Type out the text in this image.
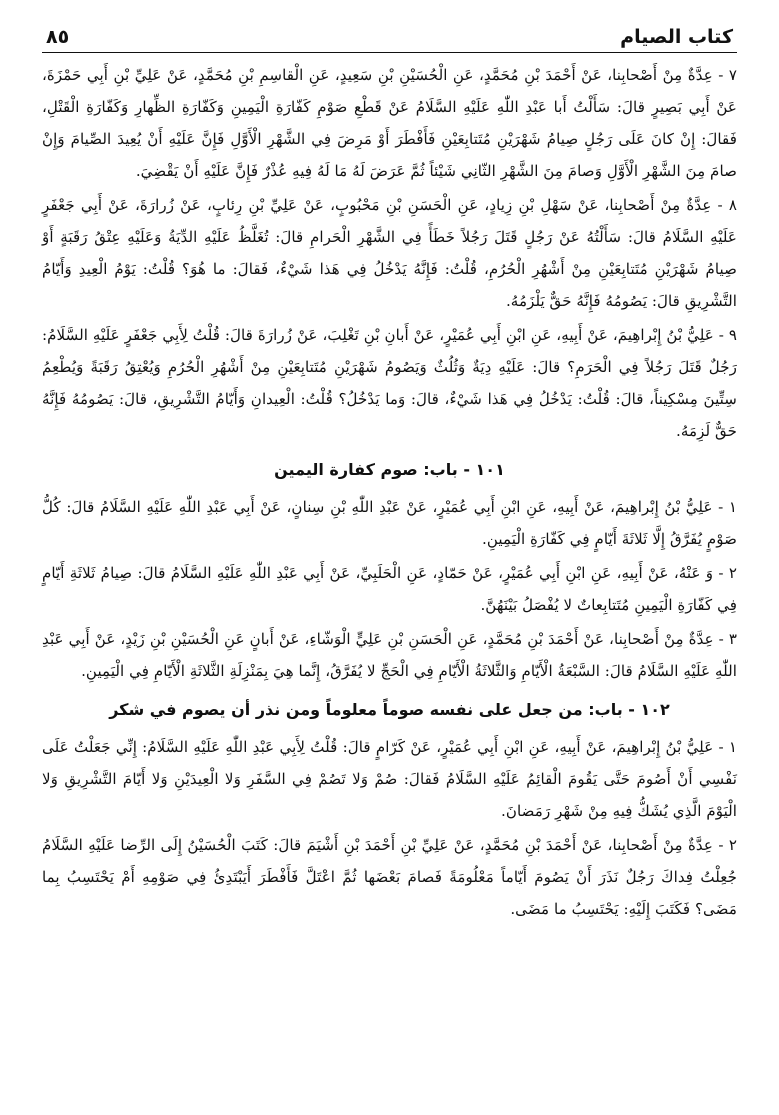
٨٥	كتاب الصيام

٧ - عِدَّةٌ مِنْ أَصْحابِنا، عَنْ أَحْمَدَ بْنِ مُحَمَّدٍ، عَنِ الْحُسَيْنِ بْنِ سَعِيدٍ، عَنِ الْقاسِمِ بْنِ مُحَمَّدٍ، عَنْ عَلِيِّ بْنِ أَبِي حَمْزَةَ، عَنْ أَبِي بَصِيرٍ قالَ: سَأَلْتُ أَبا عَبْدِ اللّٰهِ عَلَيْهِ السَّلَامُ عَنْ قَطْعِ صَوْمِ كَفّارَةِ الْيَمِينِ وَكَفّارَةِ الظِّهارِ وَكَفّارَةِ الْقَتْلِ، فَقالَ: إِنْ كانَ عَلَى رَجُلٍ صِيامُ شَهْرَيْنِ مُتَتابِعَيْنِ فَأَفْطَرَ أَوْ مَرِضَ فِي الشَّهْرِ الْأَوَّلِ فَإِنَّ عَلَيْهِ أَنْ يُعِيدَ الصِّيامَ وَإِنْ صامَ مِنَ الشَّهْرِ الْأَوَّلِ وَصامَ مِنَ الشَّهْرِ الثّانِي شَيْئاً ثُمَّ عَرَضَ لَهُ مَا لَهُ فِيهِ عُذْرٌ فَإِنَّ عَلَيْهِ أَنْ يَقْضِيَ.

٨ - عِدَّةٌ مِنْ أَصْحابِنا، عَنْ سَهْلِ بْنِ زِيادٍ، عَنِ الْحَسَنِ بْنِ مَحْبُوبٍ، عَنْ عَلِيِّ بْنِ رِئابٍ، عَنْ زُرارَةَ، عَنْ أَبِي جَعْفَرٍ عَلَيْهِ السَّلَامُ قالَ: سَأَلْتُهُ عَنْ رَجُلٍ قَتَلَ رَجُلاً خَطَأً فِي الشَّهْرِ الْحَرامِ قالَ: تُغَلَّظُ عَلَيْهِ الدِّيَةُ وَعَلَيْهِ عِتْقُ رَقَبَةٍ أَوْ صِيامُ شَهْرَيْنِ مُتَتابِعَيْنِ مِنْ أَشْهُرِ الْحُرُمِ، قُلْتُ: فَإِنَّهُ يَدْخُلُ فِي هَذا شَيْءٌ، فَقالَ: ما هُوَ؟ قُلْتُ: يَوْمُ الْعِيدِ وَأَيّامُ التَّشْرِيقِ قالَ: يَصُومُهُ فَإِنَّهُ حَقٌّ يَلْزَمُهُ.

٩ - عَلِيُّ بْنُ إِبْراهِيمَ، عَنْ أَبِيهِ، عَنِ ابْنِ أَبِي عُمَيْرٍ، عَنْ أَبانِ بْنِ تَغْلِبَ، عَنْ زُرارَةَ قالَ: قُلْتُ لِأَبِي جَعْفَرٍ عَلَيْهِ السَّلَامُ: رَجُلٌ قَتَلَ رَجُلاً فِي الْحَرَمِ؟ قالَ: عَلَيْهِ دِيَةٌ وَثُلُثٌ وَيَصُومُ شَهْرَيْنِ مُتَتابِعَيْنِ مِنْ أَشْهُرِ الْحُرُمِ وَيُعْتِقُ رَقَبَةً وَيُطْعِمُ سِتِّينَ مِسْكِيناً، قالَ: قُلْتُ: يَدْخُلُ فِي هَذا شَيْءٌ، قالَ: وَما يَدْخُلُ؟ قُلْتُ: الْعِيدانِ وَأَيّامُ التَّشْرِيقِ، قالَ: يَصُومُهُ فَإِنَّهُ حَقٌّ لَزِمَهُ.

١٠١ - باب: صوم كفارة اليمين

١ - عَلِيُّ بْنُ إِبْراهِيمَ، عَنْ أَبِيهِ، عَنِ ابْنِ أَبِي عُمَيْرٍ، عَنْ عَبْدِ اللّٰهِ بْنِ سِنانٍ، عَنْ أَبِي عَبْدِ اللّٰهِ عَلَيْهِ السَّلَامُ قالَ: كُلُّ صَوْمٍ يُفَرَّقُ إِلَّا ثَلاثَةَ أَيّامٍ فِي كَفّارَةِ الْيَمِينِ.

٢ - وَ عَنْهُ، عَنْ أَبِيهِ، عَنِ ابْنِ أَبِي عُمَيْرٍ، عَنْ حَمّادٍ، عَنِ الْحَلَبِيِّ، عَنْ أَبِي عَبْدِ اللّٰهِ عَلَيْهِ السَّلَامُ قالَ: صِيامُ ثَلاثَةِ أَيّامٍ فِي كَفّارَةِ الْيَمِينِ مُتَتابِعاتٌ لا يُفْصَلُ بَيْنَهُنَّ.

٣ - عِدَّةٌ مِنْ أَصْحابِنا، عَنْ أَحْمَدَ بْنِ مُحَمَّدٍ، عَنِ الْحَسَنِ بْنِ عَلِيٍّ الْوَشّاءِ، عَنْ أَبانٍ عَنِ الْحُسَيْنِ بْنِ زَيْدٍ، عَنْ أَبِي عَبْدِ اللّٰهِ عَلَيْهِ السَّلَامُ قالَ: السَّبْعَةُ الْأَيّامِ وَالثَّلاثَةُ الْأَيّامِ فِي الْحَجِّ لا يُفَرَّقُ، إِنَّما هِيَ بِمَنْزِلَةِ الثَّلاثَةِ الْأَيّامِ فِي الْيَمِينِ.

١٠٢ - باب: من جعل على نفسه صوماً معلوماً ومن نذر أن يصوم في شكر

١ - عَلِيُّ بْنُ إِبْراهِيمَ، عَنْ أَبِيهِ، عَنِ ابْنِ أَبِي عُمَيْرٍ، عَنْ كَرّامٍ قالَ: قُلْتُ لِأَبِي عَبْدِ اللّٰهِ عَلَيْهِ السَّلَامُ: إِنِّي جَعَلْتُ عَلَى نَفْسِي أَنْ أَصُومَ حَتَّى يَقُومَ الْقائِمُ عَلَيْهِ السَّلَامُ فَقالَ: صُمْ وَلا تَصُمْ فِي السَّفَرِ وَلا الْعِيدَيْنِ وَلا أَيّامَ التَّشْرِيقِ وَلا الْيَوْمَ الَّذِي يُشَكُّ فِيهِ مِنْ شَهْرِ رَمَضانَ.

٢ - عِدَّةٌ مِنْ أَصْحابِنا، عَنْ أَحْمَدَ بْنِ مُحَمَّدٍ، عَنْ عَلِيِّ بْنِ أَحْمَدَ بْنِ أَشْيَمَ قالَ: كَتَبَ الْحُسَيْنُ إِلَى الرِّضا عَلَيْهِ السَّلَامُ جُعِلْتُ فِداكَ رَجُلٌ نَذَرَ أَنْ يَصُومَ أَيّاماً مَعْلُومَةً فَصامَ بَعْضَها ثُمَّ اعْتَلَّ فَأَفْطَرَ أَيَبْتَدِئُ فِي صَوْمِهِ أَمْ يَحْتَسِبُ بِما مَضَى؟ فَكَتَبَ إِلَيْهِ: يَحْتَسِبُ ما مَضَى.
